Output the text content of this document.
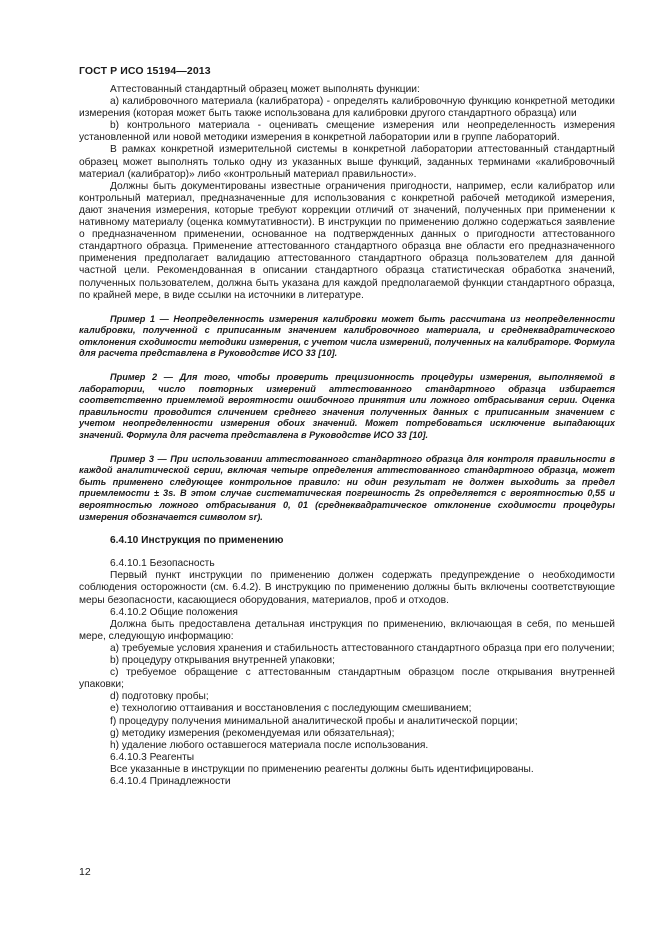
ГОСТ Р ИСО 15194—2013

Аттестованный стандартный образец может выполнять функции:

а) калибровочного материала (калибратора) - определять калибровочную функцию конкретной методики измерения (которая может быть также использована для калибровки другого стандартного образца) или

b) контрольного материала - оценивать смещение измерения или неопределенность измерения установленной или новой методики измерения в конкретной лаборатории или в группе лабораторий.

В рамках конкретной измерительной системы в конкретной лаборатории аттестованный стандартный образец может выполнять только одну из указанных выше функций, заданных терминами «калибровочный материал (калибратор)» либо «контрольный материал правильности».

Должны быть документированы известные ограничения пригодности, например, если калибратор или контрольный материал, предназначенные для использования с конкретной рабочей методикой измерения, дают значения измерения, которые требуют коррекции отличий от значений, полученных при применении к нативному материалу (оценка коммутативности). В инструкции по применению должно содержаться заявление о предназначенном применении, основанное на подтвержденных данных о пригодности аттестованного стандартного образца. Применение аттестованного стандартного образца вне области его предназначенного применения предполагает валидацию аттестованного стандартного образца пользователем для данной частной цели. Рекомендованная в описании стандартного образца статистическая обработка значений, полученных пользователем, должна быть указана для каждой предполагаемой функции стандартного образца, по крайней мере, в виде ссылки на источники в литературе.

Пример 1 — Неопределенность измерения калибровки может быть рассчитана из неопределенности калибровки, полученной с приписанным значением калибровочного материала, и среднеквадратического отклонения сходимости методики измерения, с учетом числа измерений, полученных на калибраторе. Формула для расчета представлена в Руководстве ИСО 33 [10].

Пример 2 — Для того, чтобы проверить прецизионность процедуры измерения, выполняемой в лаборатории, число повторных измерений аттестованного стандартного образца избирается соответственно приемлемой вероятности ошибочного принятия или ложного отбрасывания серии. Оценка правильности проводится сличением среднего значения полученных данных с приписанным значением с учетом неопределенности измерения обоих значений. Может потребоваться исключение выпадающих значений. Формула для расчета представлена в Руководстве ИСО 33 [10].

Пример 3 — При использовании аттестованного стандартного образца для контроля правильности в каждой аналитической серии, включая четыре определения аттестованного стандартного образца, может быть применено следующее контрольное правило: ни один результат не должен выходить за предел приемлемости ± 3s. В этом случае систематическая погрешность 2s определяется с вероятностью 0,55 и вероятностью ложного отбрасывания 0, 01 (среднеквадратическое отклонение сходимости процедуры измерения обозначается символом sr).

6.4.10 Инструкция по применению

6.4.10.1 Безопасность

Первый пункт инструкции по применению должен содержать предупреждение о необходимости соблюдения осторожности (см. 6.4.2). В инструкцию по применению должны быть включены соответствующие меры безопасности, касающиеся оборудования, материалов, проб и отходов.

6.4.10.2 Общие положения

Должна быть предоставлена детальная инструкция по применению, включающая в себя, по меньшей мере, следующую информацию:

а) требуемые условия хранения и стабильность аттестованного стандартного образца при его получении;

b) процедуру открывания внутренней упаковки;

c) требуемое обращение с аттестованным стандартным образцом после открывания внутренней упаковки;

d) подготовку пробы;

e) технологию оттаивания и восстановления с последующим смешиванием;

f) процедуру получения минимальной аналитической пробы и аналитической порции;

g) методику измерения (рекомендуемая или обязательная);

h) удаление любого оставшегося материала после использования.

6.4.10.3 Реагенты

Все указанные в инструкции по применению реагенты должны быть идентифицированы.

6.4.10.4 Принадлежности

12
